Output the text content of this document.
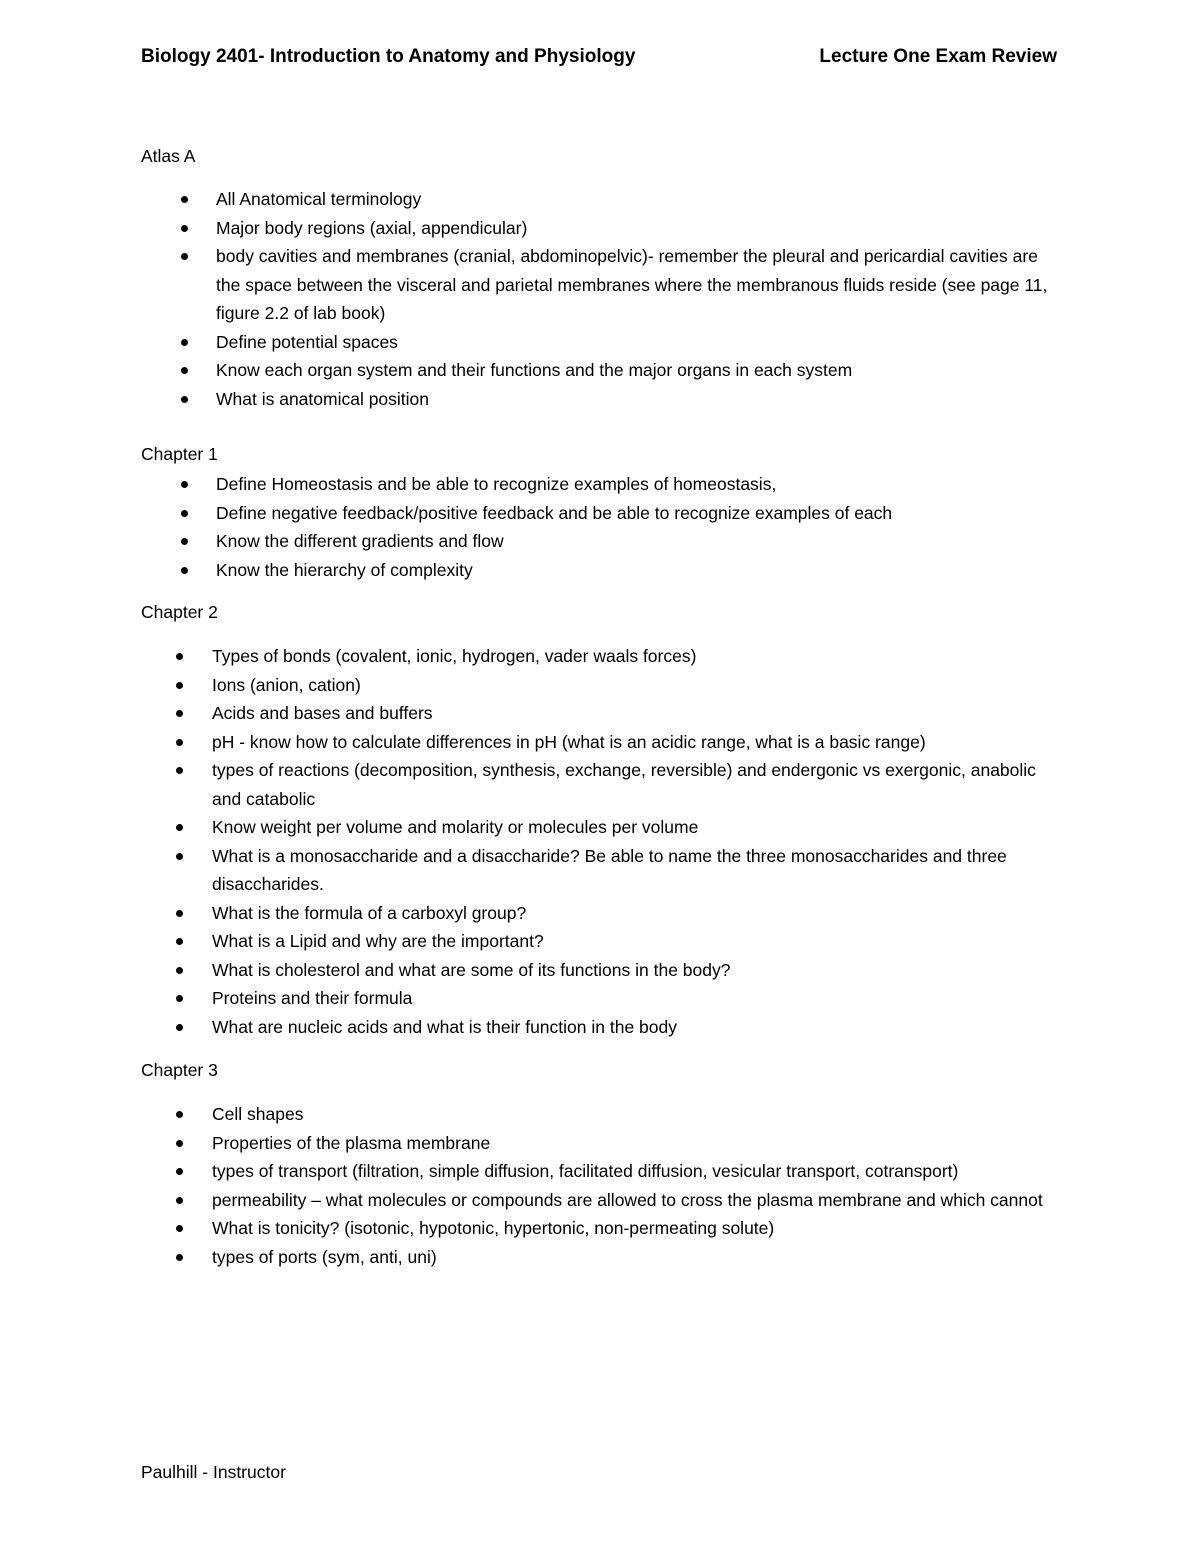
Biology 2401- Introduction to Anatomy and Physiology	Lecture One Exam Review
Atlas A
All Anatomical terminology
Major body regions (axial, appendicular)
body cavities and membranes (cranial, abdominopelvic)- remember the pleural and pericardial cavities are the space between the visceral and parietal membranes where the membranous fluids reside (see page 11, figure 2.2 of lab book)
Define potential spaces
Know each organ system and their functions and the major organs in each system
What is anatomical position
Chapter 1
Define Homeostasis and be able to recognize examples of homeostasis,
Define negative feedback/positive feedback and be able to recognize examples of each
Know the different gradients and flow
Know the hierarchy of complexity
Chapter 2
Types of bonds (covalent, ionic, hydrogen, vader waals forces)
Ions (anion, cation)
Acids and bases and buffers
pH - know how to calculate differences in pH (what is an acidic range, what is a basic range)
types of reactions (decomposition, synthesis, exchange, reversible) and endergonic vs exergonic, anabolic and catabolic
Know weight per volume and molarity or molecules per volume
What is a monosaccharide and a disaccharide? Be able to name the three monosaccharides and three disaccharides.
What is the formula of a carboxyl group?
What is a Lipid and why are the important?
What is cholesterol and what are some of its functions in the body?
Proteins and their formula
What are nucleic acids and what is their function in the body
Chapter 3
Cell shapes
Properties of the plasma membrane
types of transport (filtration, simple diffusion, facilitated diffusion, vesicular transport, cotransport)
permeability – what molecules or compounds are allowed to cross the plasma membrane and which cannot
What is tonicity? (isotonic, hypotonic, hypertonic, non-permeating solute)
types of ports (sym, anti, uni)
Paulhill - Instructor
